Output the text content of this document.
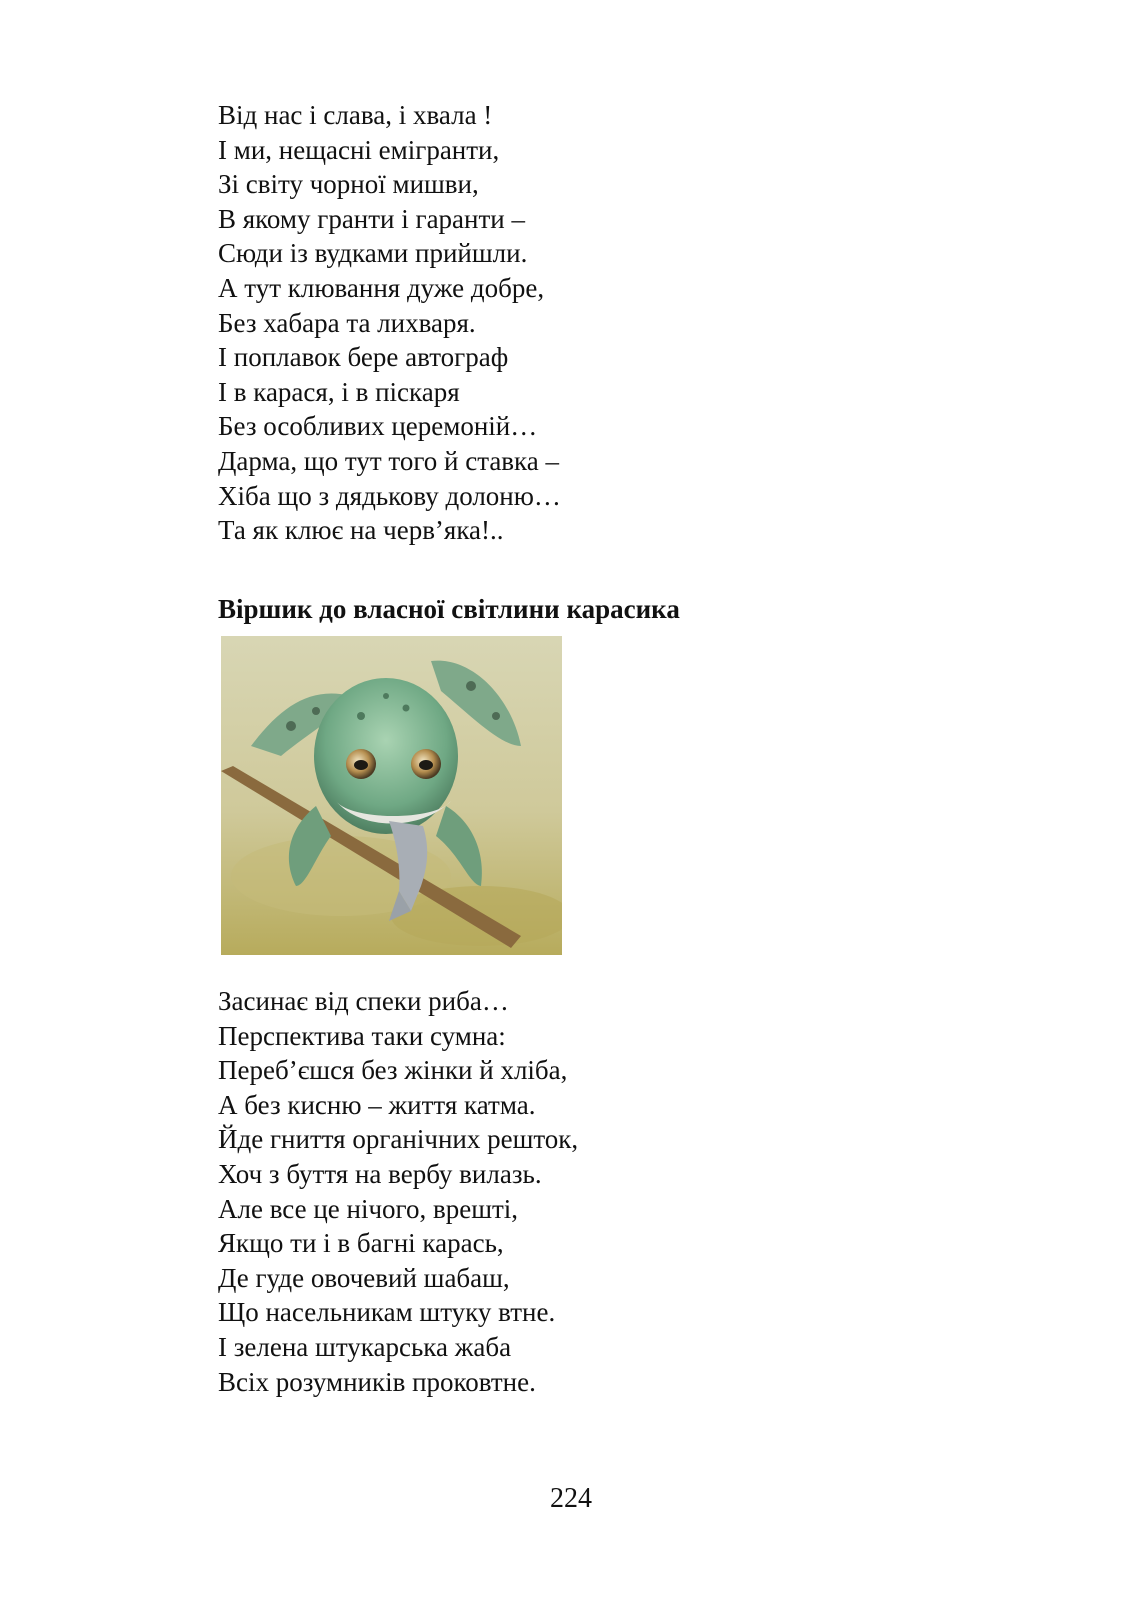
Від нас і слава, і хвала !
І ми, нещасні емігранти,
Зі світу чорної мишви,
В якому гранти і гаранти –
Сюди із вудками прийшли.
А тут клювання дуже добре,
Без хабара та лихваря.
І поплавок бере автограф
І в карася, і в піскаря
Без особливих церемоній…
Дарма, що тут того й ставка –
Хіба що з дядькову долоню…
Та як клює на черв’яка!..
Віршик до власної світлини карасика
Засинає від спеки риба…
Перспектива таки сумна:
Переб’єшся без жінки й хліба,
А без кисню – життя катма.
Йде гниття органічних решток,
Хоч з буття на вербу вилазь.
Але все це нічого, врешті,
Якщо ти і в багні карась,
Де гуде овочевий шабаш,
Що насельникам штуку втне.
І зелена штукарська жаба
Всіх розумників проковтне.
224
